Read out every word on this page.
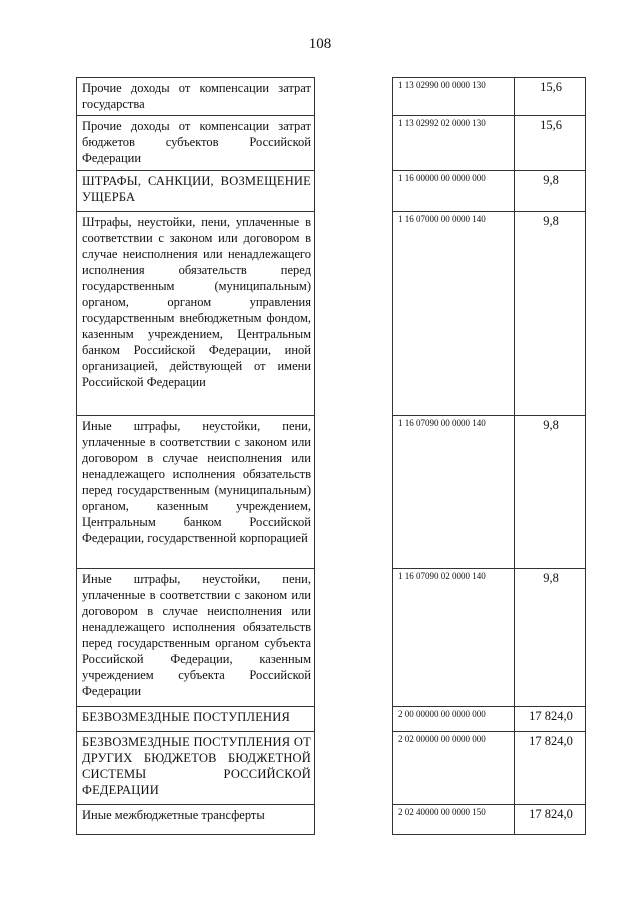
108
Прочие доходы от компенсации затрат государства		1 13 02990 00 0000 130	15,6
Прочие доходы от компенсации затрат бюджетов субъектов Российской Федерации		1 13 02992 02 0000 130	15,6
ШТРАФЫ, САНКЦИИ, ВОЗМЕЩЕНИЕ УЩЕРБА		1 16 00000 00 0000 000	9,8
Штрафы, неустойки, пени, уплаченные в соответствии с законом или договором в случае неисполнения или ненадлежащего исполнения обязательств перед государственным (муниципальным) органом, органом управления государственным внебюджетным фондом, казенным учреждением, Центральным банком Российской Федерации, иной организацией, действующей от имени Российской Федерации		1 16 07000 00 0000 140	9,8
Иные штрафы, неустойки, пени, уплаченные в соответствии с законом или договором в случае неисполнения или ненадлежащего исполнения обязательств перед государственным (муниципальным) органом, казенным учреждением, Центральным банком Российской Федерации, государственной корпорацией		1 16 07090 00 0000 140	9,8
Иные штрафы, неустойки, пени, уплаченные в соответствии с законом или договором в случае неисполнения или ненадлежащего исполнения обязательств перед государственным органом субъекта Российской Федерации, казенным учреждением субъекта Российской Федерации		1 16 07090 02 0000 140	9,8
БЕЗВОЗМЕЗДНЫЕ ПОСТУПЛЕНИЯ		2 00 00000 00 0000 000	17 824,0
БЕЗВОЗМЕЗДНЫЕ ПОСТУПЛЕНИЯ ОТ ДРУГИХ БЮДЖЕТОВ БЮДЖЕТНОЙ СИСТЕМЫ РОССИЙСКОЙ ФЕДЕРАЦИИ		2 02 00000 00 0000 000	17 824,0
Иные межбюджетные трансферты		2 02 40000 00 0000 150	17 824,0
